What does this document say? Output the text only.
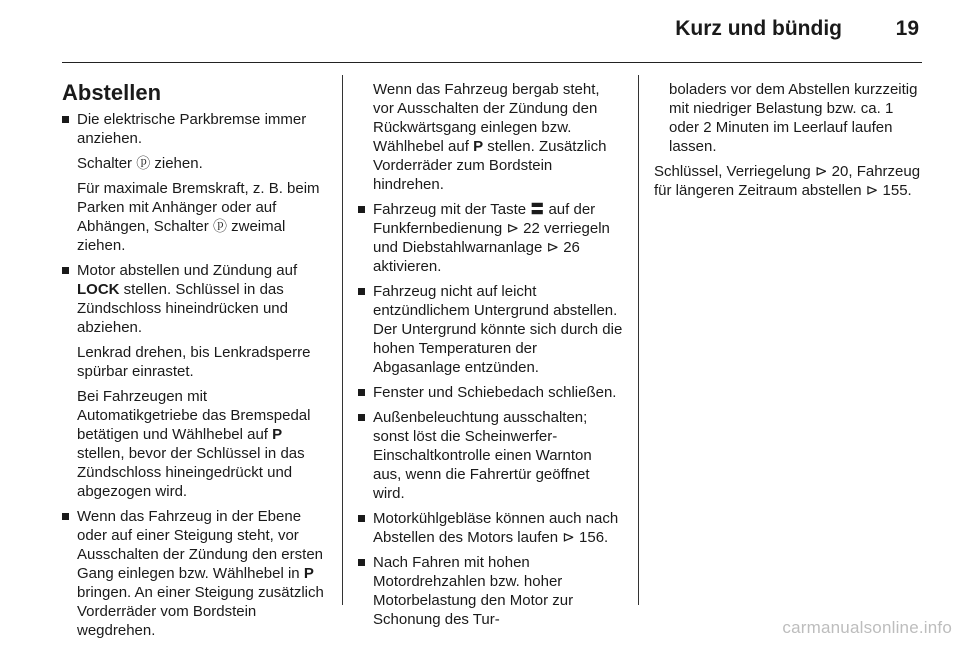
Kurz und bündig	19
Abstellen
Die elektrische Parkbremse immer anziehen.

Schalter ⓟ ziehen.

Für maximale Bremskraft, z. B. beim Parken mit Anhänger oder auf Abhängen, Schalter ⓟ zweimal ziehen.

Motor abstellen und Zündung auf LOCK stellen. Schlüssel in das Zündschloss hineindrücken und abziehen.

Lenkrad drehen, bis Lenkradsperre spürbar einrastet.

Bei Fahrzeugen mit Automatikgetriebe das Bremspedal betätigen und Wählhebel auf P stellen, bevor der Schlüssel in das Zündschloss hineingedrückt und abgezogen wird.

Wenn das Fahrzeug in der Ebene oder auf einer Steigung steht, vor Ausschalten der Zündung den ersten Gang einlegen bzw. Wählhebel in P bringen. An einer Steigung zusätzlich Vorderräder vom Bordstein wegdrehen.

Wenn das Fahrzeug bergab steht, vor Ausschalten der Zündung den Rückwärtsgang einlegen bzw. Wählhebel auf P stellen. Zusätzlich Vorderräder zum Bordstein hindrehen.

Fahrzeug mit der Taste 〓 auf der Funkfernbedienung ⊳ 22 verriegeln und Diebstahlwarnanlage ⊳ 26 aktivieren.
Fahrzeug nicht auf leicht entzündlichem Untergrund abstellen. Der Untergrund könnte sich durch die hohen Temperaturen der Abgasanlage entzünden.
Fenster und Schiebedach schließen.
Außenbeleuchtung ausschalten; sonst löst die Scheinwerfer-Einschaltkontrolle einen Warnton aus, wenn die Fahrertür geöffnet wird.
Motorkühlgebläse können auch nach Abstellen des Motors laufen ⊳ 156.
Nach Fahren mit hohen Motordrehzahlen bzw. hoher Motorbelastung den Motor zur Schonung des Tur-

boladers vor dem Abstellen kurzzeitig mit niedriger Belastung bzw. ca. 1 oder 2 Minuten im Leerlauf laufen lassen.

Schlüssel, Verriegelung ⊳ 20, Fahrzeug für längeren Zeitraum abstellen ⊳ 155.

carmanualsonline.info
